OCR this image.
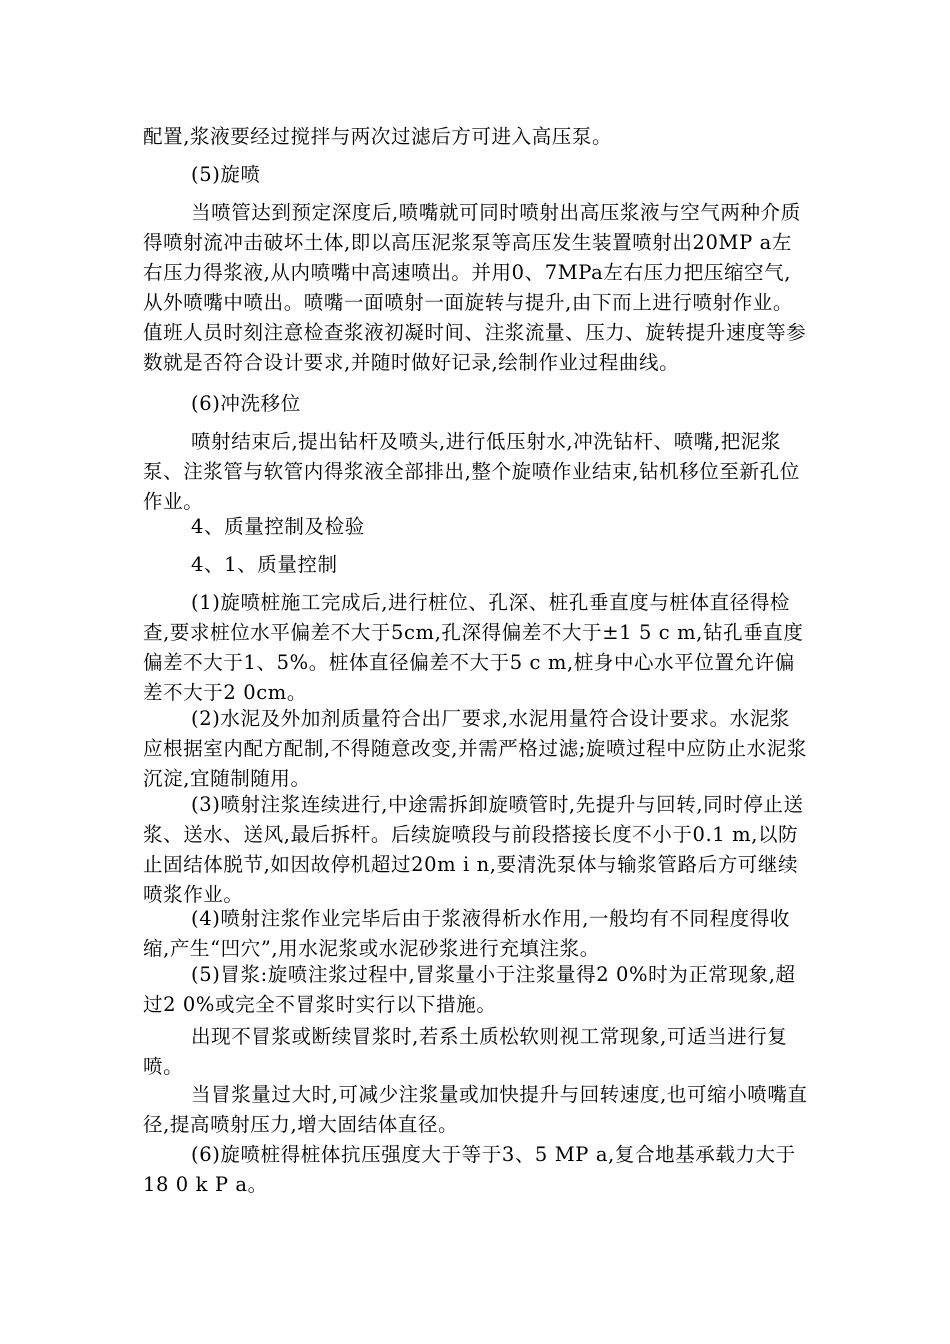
配置,浆液要经过搅拌与两次过滤后方可进入高压泵。

(5)旋喷

当喷管达到预定深度后,喷嘴就可同时喷射出高压浆液与空气两种介质得喷射流冲击破坏土体,即以高压泥浆泵等高压发生装置喷射出20MP a左右压力得浆液,从内喷嘴中高速喷出。并用0、7MPa左右压力把压缩空气,从外喷嘴中喷出。喷嘴一面喷射一面旋转与提升,由下而上进行喷射作业。值班人员时刻注意检查浆液初凝时间、注浆流量、压力、旋转提升速度等参数就是否符合设计要求,并随时做好记录,绘制作业过程曲线。

(6)冲洗移位

喷射结束后,提出钻杆及喷头,进行低压射水,冲洗钻杆、喷嘴,把泥浆泵、注浆管与软管内得浆液全部排出,整个旋喷作业结束,钻机移位至新孔位作业。

4、质量控制及检验

4、1、质量控制

(1)旋喷桩施工完成后,进行桩位、孔深、桩孔垂直度与桩体直径得检查,要求桩位水平偏差不大于5cm,孔深得偏差不大于±1 5 c m,钻孔垂直度偏差不大于1、5%。桩体直径偏差不大于5 c m,桩身中心水平位置允许偏差不大于2 0cm。

(2)水泥及外加剂质量符合出厂要求,水泥用量符合设计要求。水泥浆应根据室内配方配制,不得随意改变,并需严格过滤;旋喷过程中应防止水泥浆沉淀,宜随制随用。

(3)喷射注浆连续进行,中途需拆卸旋喷管时,先提升与回转,同时停止送浆、送水、送风,最后拆杆。后续旋喷段与前段搭接长度不小于0.1 m,以防止固结体脱节,如因故停机超过20m i n,要清洗泵体与输浆管路后方可继续喷浆作业。

(4)喷射注浆作业完毕后由于浆液得析水作用,一般均有不同程度得收缩,产生“凹穴”,用水泥浆或水泥砂浆进行充填注浆。

(5)冒浆:旋喷注浆过程中,冒浆量小于注浆量得2 0%时为正常现象,超过2 0%或完全不冒浆时实行以下措施。

出现不冒浆或断续冒浆时,若系土质松软则视工常现象,可适当进行复喷。

当冒浆量过大时,可减少注浆量或加快提升与回转速度,也可缩小喷嘴直径,提高喷射压力,增大固结体直径。

(6)旋喷桩得桩体抗压强度大于等于3、5 MP a,复合地基承载力大于18 0 k P a。
